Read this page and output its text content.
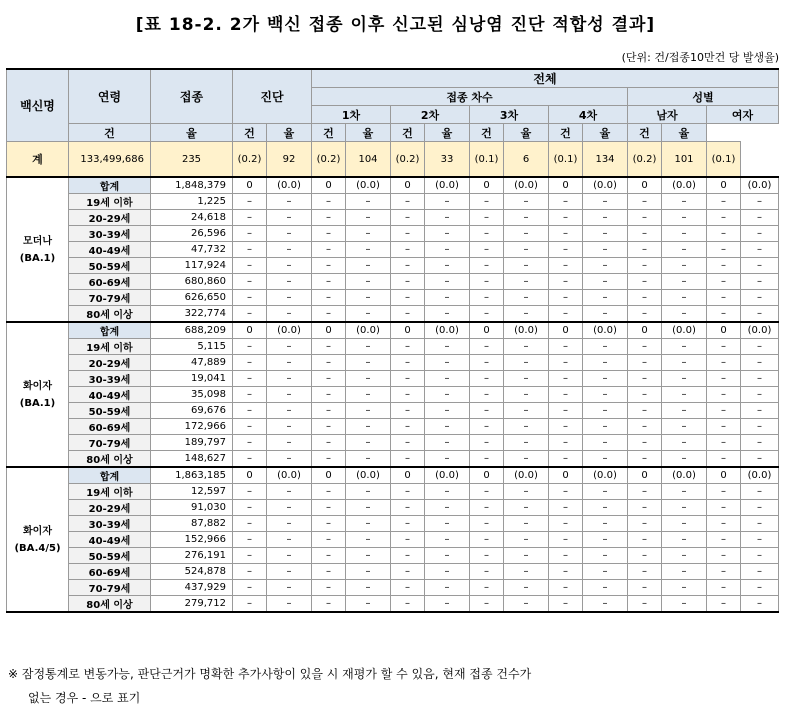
[표 18-2. 2가 백신 접종 이후 신고된 심낭염 진단 적합성 결과]
(단위: 건/접종10만건 당 발생율)
백신명	연령	접종	진단		전체											
					접종 차수								성별			
					1차		2차		3차		4차		남자		여자	
	건	율	건	율	건	율	건	율	건	율	건	율	건	율		
계	133,499,686	235	(0.2)	92	(0.2)	104	(0.2)	33	(0.1)	6	(0.1)	134	(0.2)	101	(0.1)	

모더나
(BA.1)	합계	1,848,379	0	(0.0)	0	(0.0)	0	(0.0)	0	(0.0)	0	(0.0)	0	(0.0)	0	(0.0)
	19세 이하	1,225	–	–	–	–	–	–	–	–	–	–	–	–	–	–
	20-29세	24,618	–	–	–	–	–	–	–	–	–	–	–	–	–	–
	30-39세	26,596	–	–	–	–	–	–	–	–	–	–	–	–	–	–
	40-49세	47,732	–	–	–	–	–	–	–	–	–	–	–	–	–	–
	50-59세	117,924	–	–	–	–	–	–	–	–	–	–	–	–	–	–
	60-69세	680,860	–	–	–	–	–	–	–	–	–	–	–	–	–	–
	70-79세	626,650	–	–	–	–	–	–	–	–	–	–	–	–	–	–
	80세 이상	322,774	–	–	–	–	–	–	–	–	–	–	–	–	–	–

화이자
(BA.1)	합계	688,209	0	(0.0)	0	(0.0)	0	(0.0)	0	(0.0)	0	(0.0)	0	(0.0)	0	(0.0)
	19세 이하	5,115	–	–	–	–	–	–	–	–	–	–	–	–	–	–
	20-29세	47,889	–	–	–	–	–	–	–	–	–	–	–	–	–	–
	30-39세	19,041	–	–	–	–	–	–	–	–	–	–	–	–	–	–
	40-49세	35,098	–	–	–	–	–	–	–	–	–	–	–	–	–	–
	50-59세	69,676	–	–	–	–	–	–	–	–	–	–	–	–	–	–
	60-69세	172,966	–	–	–	–	–	–	–	–	–	–	–	–	–	–
	70-79세	189,797	–	–	–	–	–	–	–	–	–	–	–	–	–	–
	80세 이상	148,627	–	–	–	–	–	–	–	–	–	–	–	–	–	–

화이자
(BA.4/5)	합계	1,863,185	0	(0.0)	0	(0.0)	0	(0.0)	0	(0.0)	0	(0.0)	0	(0.0)	0	(0.0)
	19세 이하	12,597	–	–	–	–	–	–	–	–	–	–	–	–	–	–
	20-29세	91,030	–	–	–	–	–	–	–	–	–	–	–	–	–	–
	30-39세	87,882	–	–	–	–	–	–	–	–	–	–	–	–	–	–
	40-49세	152,966	–	–	–	–	–	–	–	–	–	–	–	–	–	–
	50-59세	276,191	–	–	–	–	–	–	–	–	–	–	–	–	–	–
	60-69세	524,878	–	–	–	–	–	–	–	–	–	–	–	–	–	–
	70-79세	437,929	–	–	–	–	–	–	–	–	–	–	–	–	–	–
	80세 이상	279,712	–	–	–	–	–	–	–	–	–	–	–	–	–	–
※ 잠정통계로 변동가능, 판단근거가 명확한 추가사항이 있을 시 재평가 할 수 있음, 현재 접종 건수가
없는 경우 - 으로 표기
